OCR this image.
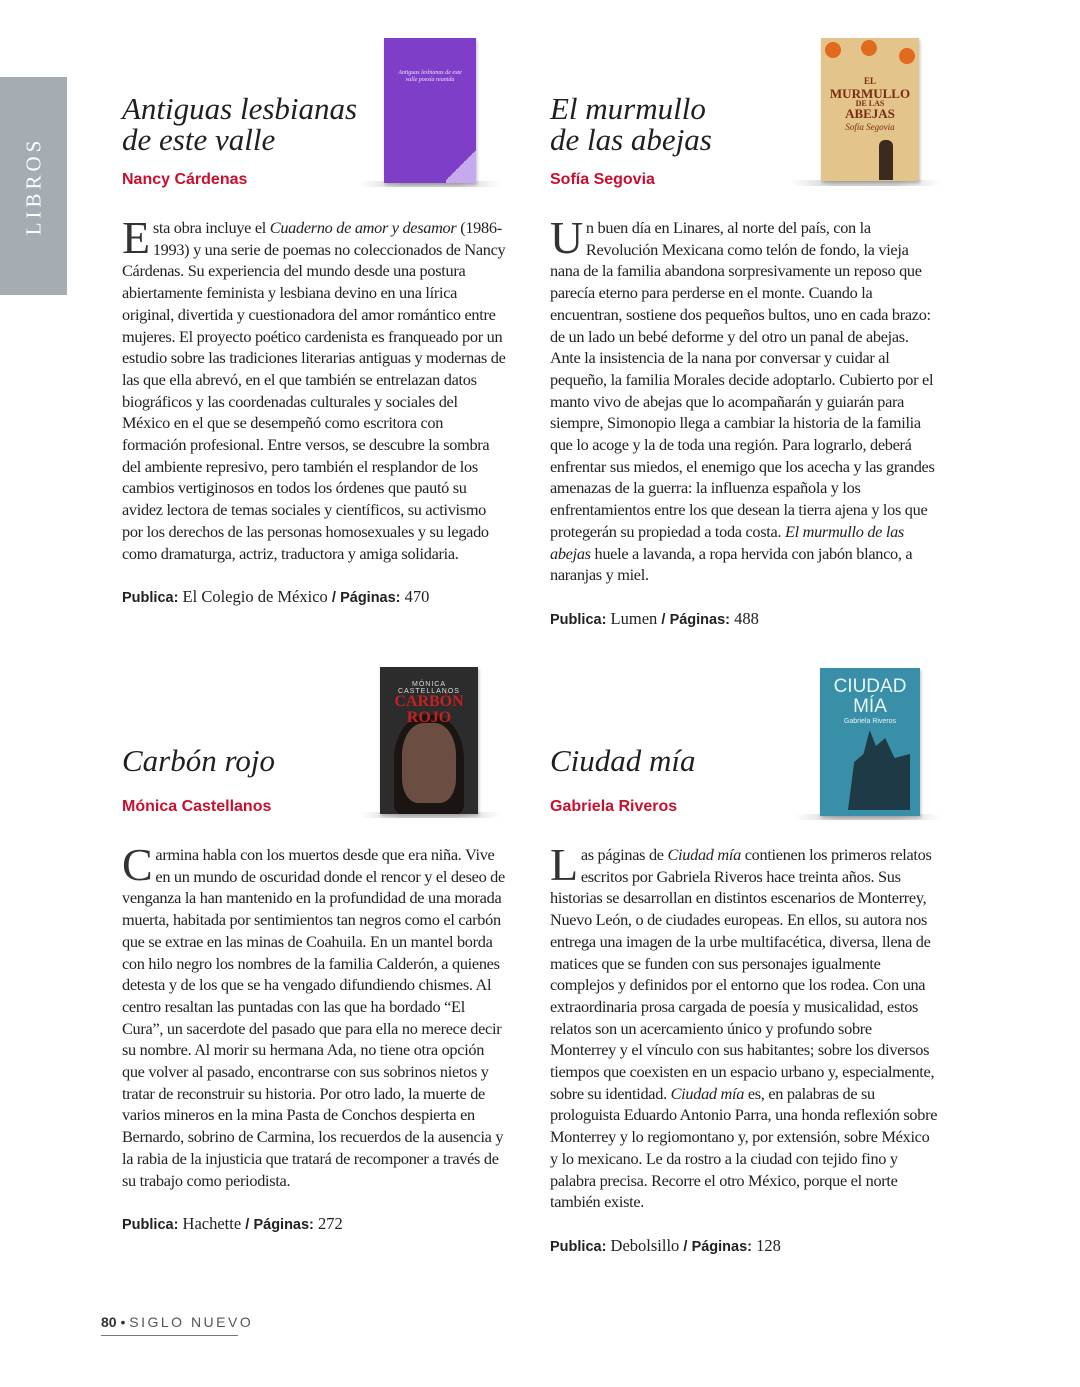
LIBROS
Antiguas lesbianas
de este valle
Nancy Cárdenas
Esta obra incluye el Cuaderno de amor y desamor (1986-1993) y una serie de poemas no coleccionados de Nancy Cárdenas. Su experiencia del mundo desde una postura abiertamente feminista y lesbiana devino en una lírica original, divertida y cuestionadora del amor romántico entre mujeres. El proyecto poético cardenista es franqueado por un estudio sobre las tradiciones literarias antiguas y modernas de las que ella abrevó, en el que también se entrelazan datos biográficos y las coordenadas culturales y sociales del México en el que se desempeñó como escritora con formación profesional. Entre versos, se descubre la sombra del ambiente represivo, pero también el resplandor de los cambios vertiginosos en todos los órdenes que pautó su avidez lectora de temas sociales y científicos, su activismo por los derechos de las personas homosexuales y su legado como dramaturga, actriz, traductora y amiga solidaria.
Publica: El Colegio de México / Páginas: 470
Antiguas lesbianas de este valle poesía reunida
El murmullo
de las abejas
Sofía Segovia
Un buen día en Linares, al norte del país, con la Revolución Mexicana como telón de fondo, la vieja nana de la familia abandona sorpresivamente un reposo que parecía eterno para perderse en el monte. Cuando la encuentran, sostiene dos pequeños bultos, uno en cada brazo: de un lado un bebé deforme y del otro un panal de abejas. Ante la insistencia de la nana por conversar y cuidar al pequeño, la familia Morales decide adoptarlo. Cubierto por el manto vivo de abejas que lo acompañarán y guiarán para siempre, Simonopio llega a cambiar la historia de la familia que lo acoge y la de toda una región. Para lograrlo, deberá enfrentar sus miedos, el enemigo que los acecha y las grandes amenazas de la guerra: la influenza española y los enfrentamientos entre los que desean la tierra ajena y los que protegerán su propiedad a toda costa. El murmullo de las abejas huele a lavanda, a ropa hervida con jabón blanco, a naranjas y miel.
Publica: Lumen / Páginas: 488
EL
MURMULLO
DE LAS
ABEJAS
Sofía Segovia
Carbón rojo
Mónica Castellanos
Carmina habla con los muertos desde que era niña. Vive en un mundo de oscuridad donde el rencor y el deseo de venganza la han mantenido en la profundidad de una morada muerta, habitada por sentimientos tan negros como el carbón que se extrae en las minas de Coahuila. En un mantel borda con hilo negro los nombres de la familia Calderón, a quienes detesta y de los que se ha vengado difundiendo chismes. Al centro resaltan las puntadas con las que ha bordado “El Cura”, un sacerdote del pasado que para ella no merece decir su nombre. Al morir su hermana Ada, no tiene otra opción que volver al pasado, encontrarse con sus sobrinos nietos y tratar de reconstruir su historia. Por otro lado, la muerte de varios mineros en la mina Pasta de Conchos despierta en Bernardo, sobrino de Carmina, los recuerdos de la ausencia y la rabia de la injusticia que tratará de recomponer a través de su trabajo como periodista.
Publica: Hachette / Páginas: 272
MÓNICA CASTELLANOS
CARBÓN
ROJO
Ciudad mía
Gabriela Riveros
Las páginas de Ciudad mía contienen los primeros relatos escritos por Gabriela Riveros hace treinta años. Sus historias se desarrollan en distintos escenarios de Monterrey, Nuevo León, o de ciudades europeas. En ellos, su autora nos entrega una imagen de la urbe multifacética, diversa, llena de matices que se funden con sus personajes igualmente complejos y definidos por el entorno que los rodea. Con una extraordinaria prosa cargada de poesía y musicalidad, estos relatos son un acercamiento único y profundo sobre Monterrey y el vínculo con sus habitantes; sobre los diversos tiempos que coexisten en un espacio urbano y, especialmente, sobre su identidad. Ciudad mía es, en palabras de su prologuista Eduardo Antonio Parra, una honda reflexión sobre Monterrey y lo regiomontano y, por extensión, sobre México y lo mexicano. Le da rostro a la ciudad con tejido fino y palabra precisa. Recorre el otro México, porque el norte también existe.
Publica: Debolsillo / Páginas: 128
CIUDAD
MÍA
Gabriela Riveros
80 • SIGLO NUEVO
